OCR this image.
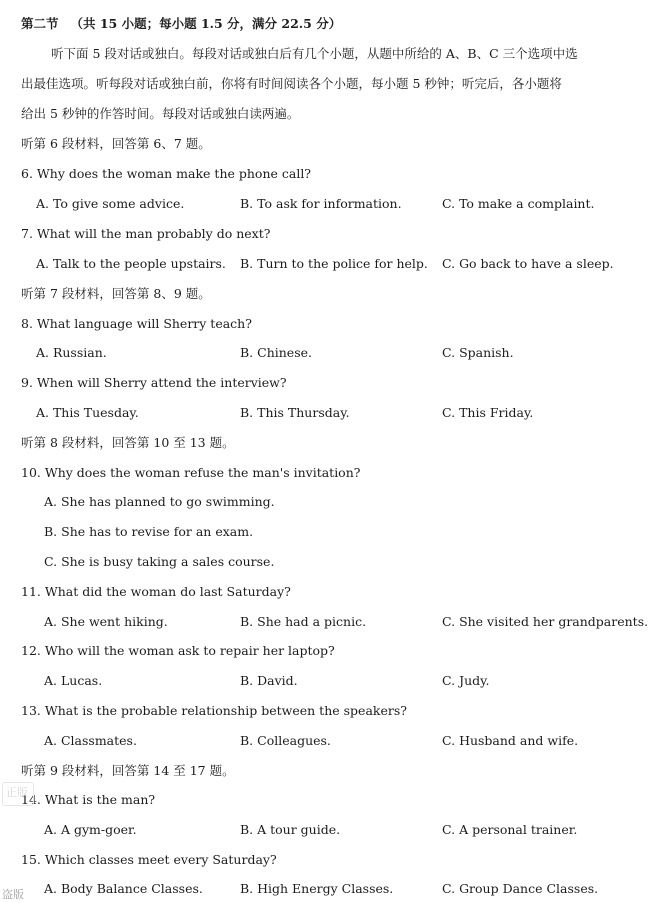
第二节 （共 15 小题；每小题 1.5 分，满分 22.5 分）
听下面 5 段对话或独白。每段对话或独白后有几个小题，从题中所给的 A、B、C 三个选项中选
出最佳选项。听每段对话或独白前，你将有时间阅读各个小题，每小题 5 秒钟；听完后，各小题将
给出 5 秒钟的作答时间。每段对话或独白读两遍。
听第 6 段材料，回答第 6、7 题。
6. Why does the woman make the phone call?
A. To give some advice.	B. To ask for information.	C. To make a complaint.
7. What will the man probably do next?
A. Talk to the people upstairs. B. Turn to the police for help. C. Go back to have a sleep.
听第 7 段材料，回答第 8、9 题。
8. What language will Sherry teach?
A. Russian.	B. Chinese.	C. Spanish.
9. When will Sherry attend the interview?
A. This Tuesday.	B. This Thursday.	C. This Friday.
听第 8 段材料，回答第 10 至 13 题。
10. Why does the woman refuse the man's invitation?
A. She has planned to go swimming.
B. She has to revise for an exam.
C. She is busy taking a sales course.
11. What did the woman do last Saturday?
A. She went hiking.	B. She had a picnic.	C. She visited her grandparents.
12. Who will the woman ask to repair her laptop?
A. Lucas.	B. David.	C. Judy.
13. What is the probable relationship between the speakers?
A. Classmates.	B. Colleagues.	C. Husband and wife.
听第 9 段材料，回答第 14 至 17 题。
14. What is the man?
A. A gym-goer.	B. A tour guide.	C. A personal trainer.
15. Which classes meet every Saturday?
A. Body Balance Classes.	B. High Energy Classes.	C. Group Dance Classes.
正版
盗版
